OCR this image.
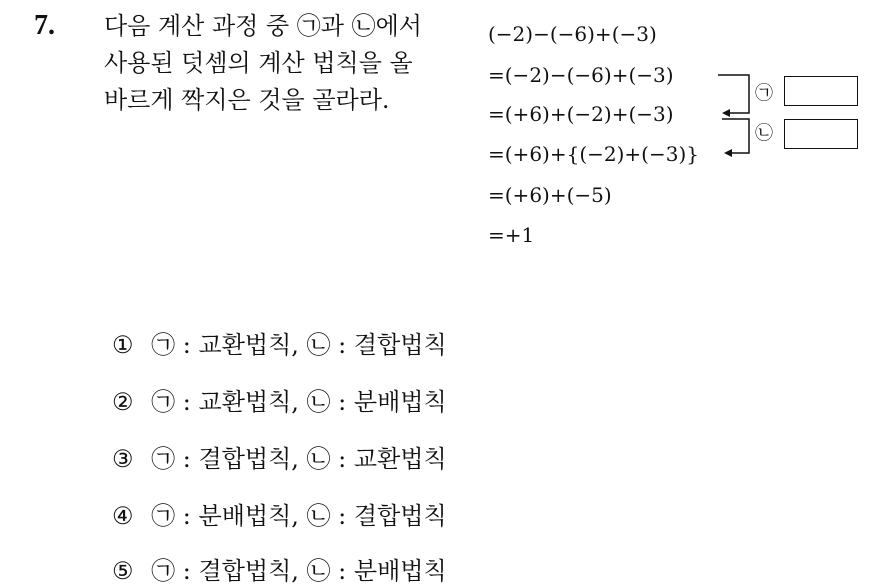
7. 다음 계산 과정 중 ㉠과 ㉡에서
사용된 덧셈의 계산 법칙을 올
바르게 짝지은 것을 골라라.
(−2)−(−6)+(−3)
=(−2)−(−6)+(−3)
=(+6)+(−2)+(−3)
=(+6)+{(−2)+(−3)}
=(+6)+(−5)
=+1
㉠
㉡
① ㉠ : 교환법칙, ㉡ : 결합법칙
② ㉠ : 교환법칙, ㉡ : 분배법칙
③ ㉠ : 결합법칙, ㉡ : 교환법칙
④ ㉠ : 분배법칙, ㉡ : 결합법칙
⑤ ㉠ : 결합법칙, ㉡ : 분배법칙
